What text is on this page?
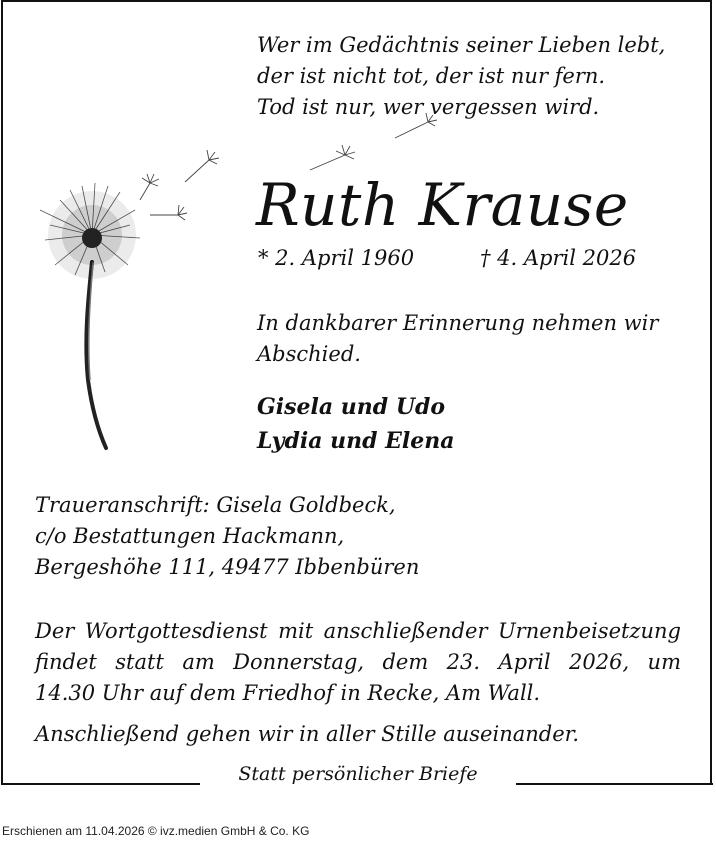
Wer im Gedächtnis seiner Lieben lebt,
der ist nicht tot, der ist nur fern.
Tod ist nur, wer vergessen wird.
Ruth Krause
* 2. April 1960	† 4. April 2026
In dankbarer Erinnerung nehmen wir
Abschied.
Gisela und Udo
Lydia und Elena
Traueranschrift: Gisela Goldbeck,
c/o Bestattungen Hackmann,
Bergeshöhe 111, 49477 Ibbenbüren
Der Wortgottesdienst mit anschließender Urnenbeisetzung
findet statt am Donnerstag, dem 23. April 2026, um
14.30 Uhr auf dem Friedhof in Recke, Am Wall.
Anschließend gehen wir in aller Stille auseinander.
Statt persönlicher Briefe
Erschienen am 11.04.2026 © ivz.medien GmbH & Co. KG
